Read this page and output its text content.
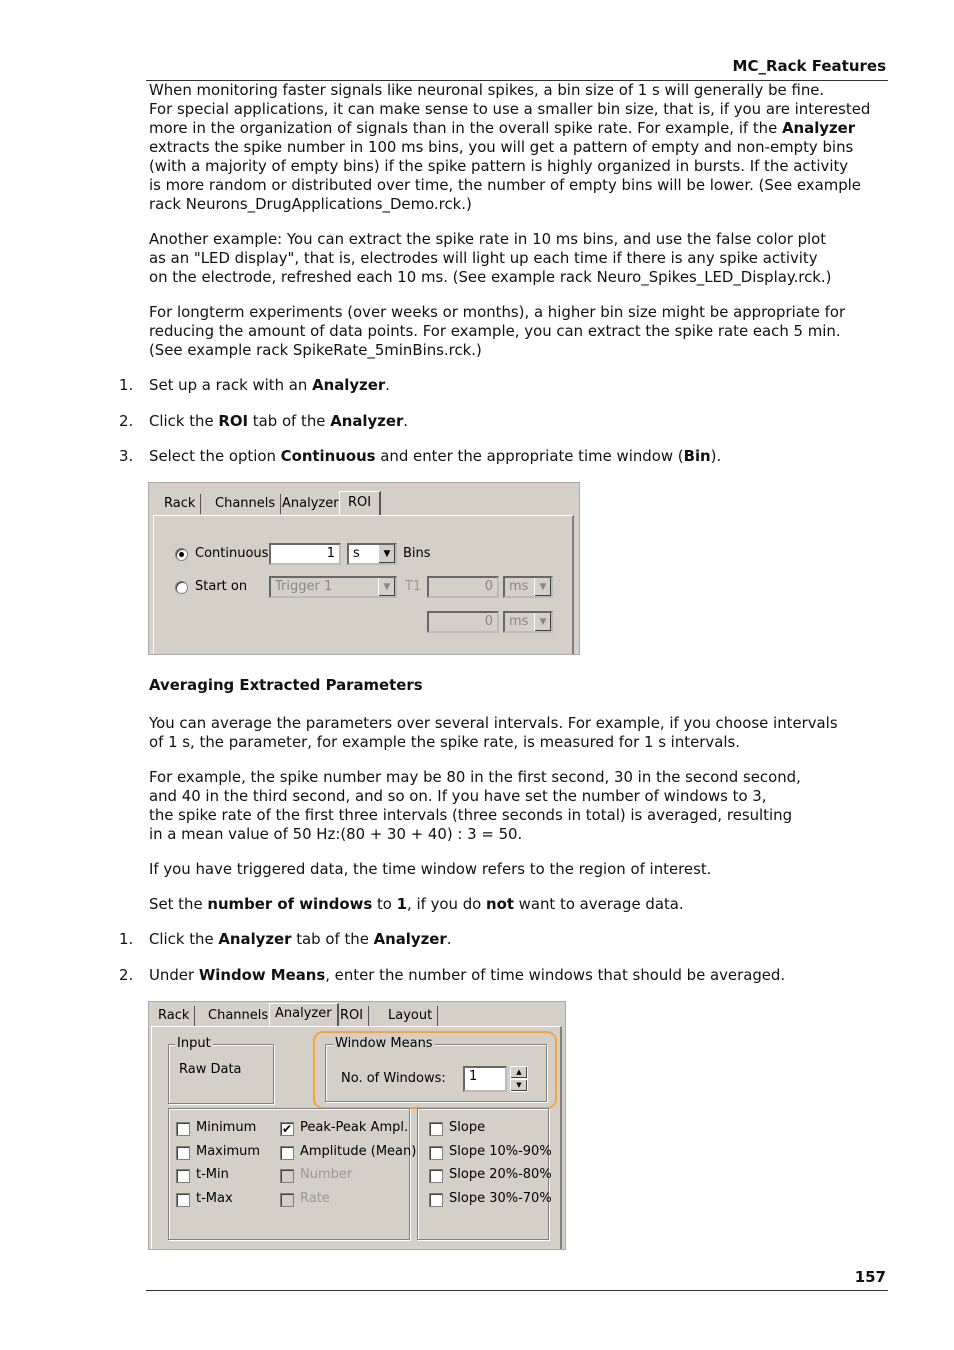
MC_Rack Features
When monitoring faster signals like neuronal spikes, a bin size of 1 s will generally be fine.
For special applications, it can make sense to use a smaller bin size, that is, if you are interested
more in the organization of signals than in the overall spike rate. For example, if the Analyzer
extracts the spike number in 100 ms bins, you will get a pattern of empty and non-empty bins
(with a majority of empty bins) if the spike pattern is highly organized in bursts. If the activity
is more random or distributed over time, the number of empty bins will be lower. (See example
rack Neurons_DrugApplications_Demo.rck.)
Another example: You can extract the spike rate in 10 ms bins, and use the false color plot
as an "LED display", that is, electrodes will light up each time if there is any spike activity
on the electrode, refreshed each 10 ms. (See example rack Neuro_Spikes_LED_Display.rck.)
For longterm experiments (over weeks or months), a higher bin size might be appropriate for
reducing the amount of data points. For example, you can extract the spike rate each 5 min.
(See example rack SpikeRate_5minBins.rck.)
1. Set up a rack with an Analyzer.
2. Click the ROI tab of the Analyzer.
3. Select the option Continuous and enter the appropriate time window (Bin).
Rack	Channels Analyzer ROI
Continuous	1	s	▼ Bins
Start on	Trigger 1	▼	T1	0	ms	▼
0	ms	▼
Averaging Extracted Parameters
You can average the parameters over several intervals. For example, if you choose intervals
of 1 s, the parameter, for example the spike rate, is measured for 1 s intervals.
For example, the spike number may be 80 in the first second, 30 in the second second,
and 40 in the third second, and so on. If you have set the number of windows to 3,
the spike rate of the first three intervals (three seconds in total) is averaged, resulting
in a mean value of 50 Hz:(80 + 30 + 40) : 3 = 50.
If you have triggered data, the time window refers to the region of interest.
Set the number of windows to 1, if you do not want to average data.
1. Click the Analyzer tab of the Analyzer.
2. Under Window Means, enter the number of time windows that should be averaged.
Rack	Channels Analyzer ROI	Layout
Input
Raw Data
Window Means
No. of Windows:	1	▲
▼
Minimum
Maximum
t-Min
t-Max
✔ Peak-Peak Ampl.
Amplitude (Mean)
Number
Rate
Slope
Slope 10%-90%
Slope 20%-80%
Slope 30%-70%
157
